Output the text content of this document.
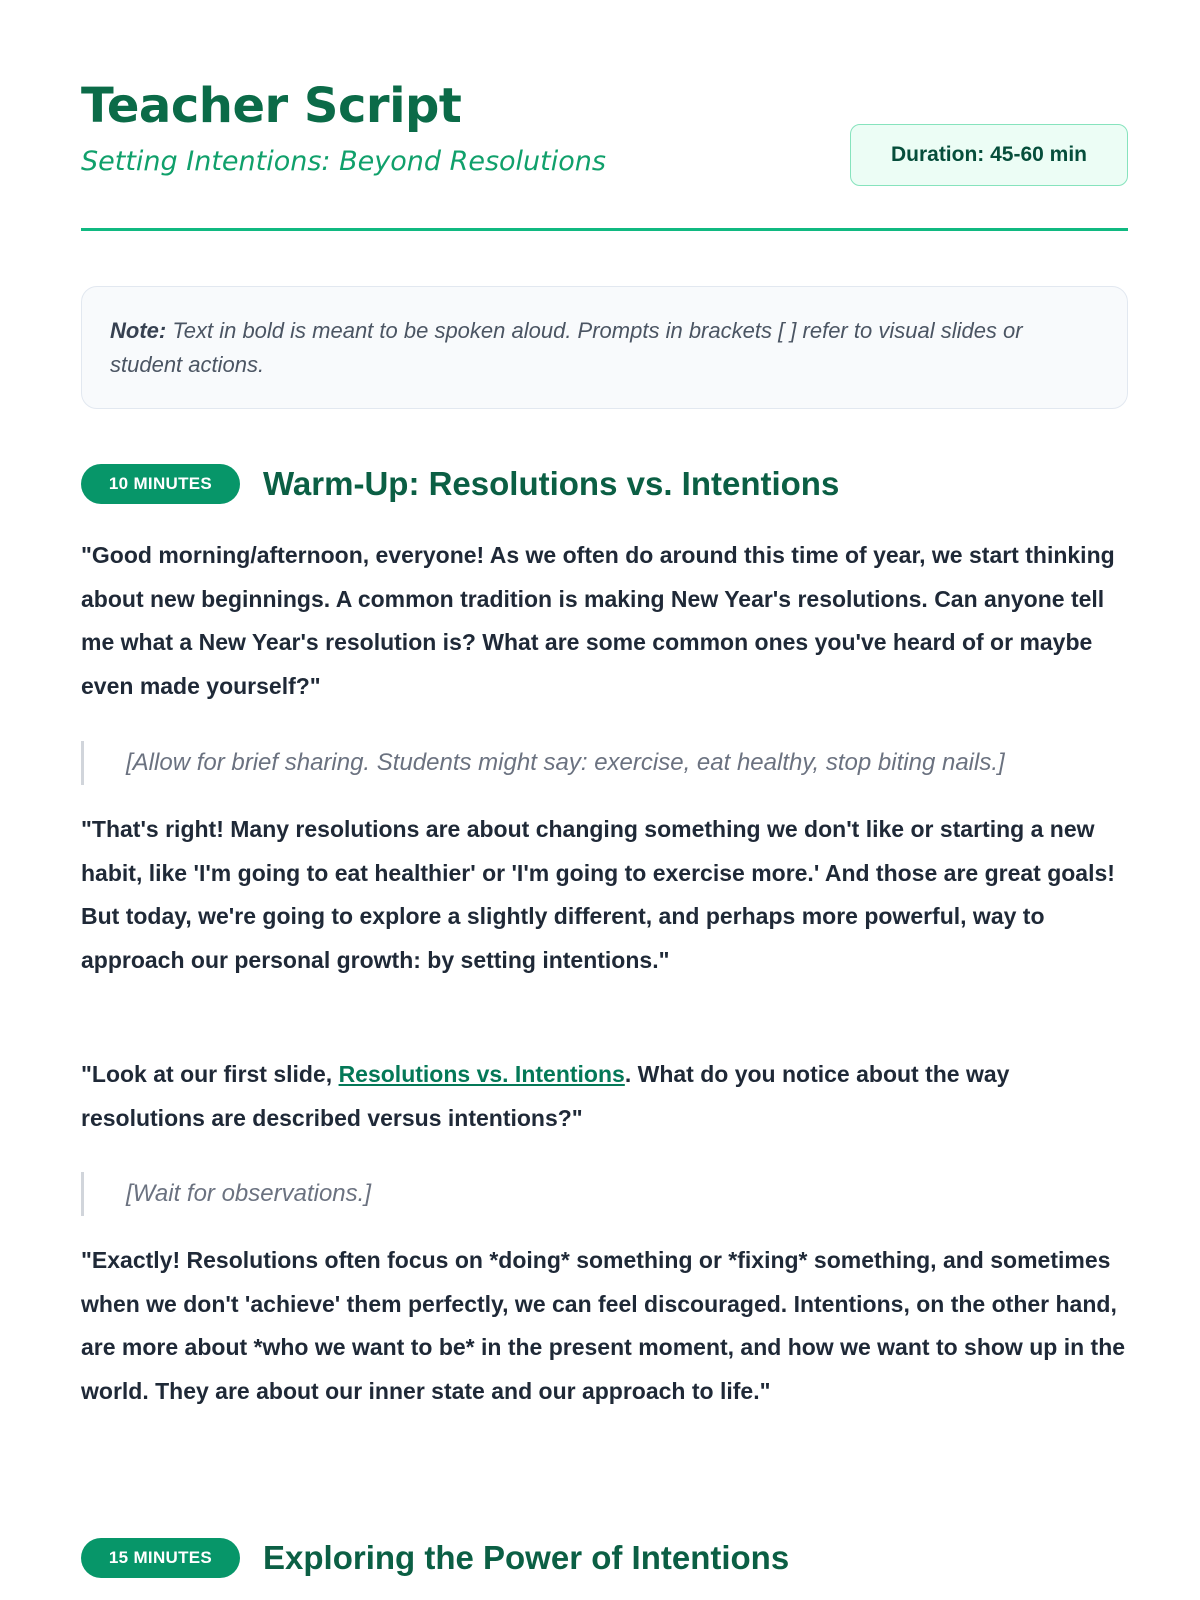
Teacher Script
Setting Intentions: Beyond Resolutions	Duration: 45-60 min
Note: Text in bold is meant to be spoken aloud. Prompts in brackets [ ] refer to visual slides or student actions.
10 MINUTES	Warm-Up: Resolutions vs. Intentions

"Good morning/afternoon, everyone! As we often do around this time of year, we start thinking about new beginnings. A common tradition is making New Year's resolutions. Can anyone tell me what a New Year's resolution is? What are some common ones you've heard of or maybe even made yourself?"

[Allow for brief sharing. Students might say: exercise, eat healthy, stop biting nails.]

"That's right! Many resolutions are about changing something we don't like or starting a new habit, like 'I'm going to eat healthier' or 'I'm going to exercise more.' And those are great goals! But today, we're going to explore a slightly different, and perhaps more powerful, way to approach our personal growth: by setting intentions."

"Look at our first slide, Resolutions vs. Intentions. What do you notice about the way resolutions are described versus intentions?"

[Wait for observations.]

"Exactly! Resolutions often focus on *doing* something or *fixing* something, and sometimes when we don't 'achieve' them perfectly, we can feel discouraged. Intentions, on the other hand, are more about *who we want to be* in the present moment, and how we want to show up in the world. They are about our inner state and our approach to life."

15 MINUTES	Exploring the Power of Intentions
